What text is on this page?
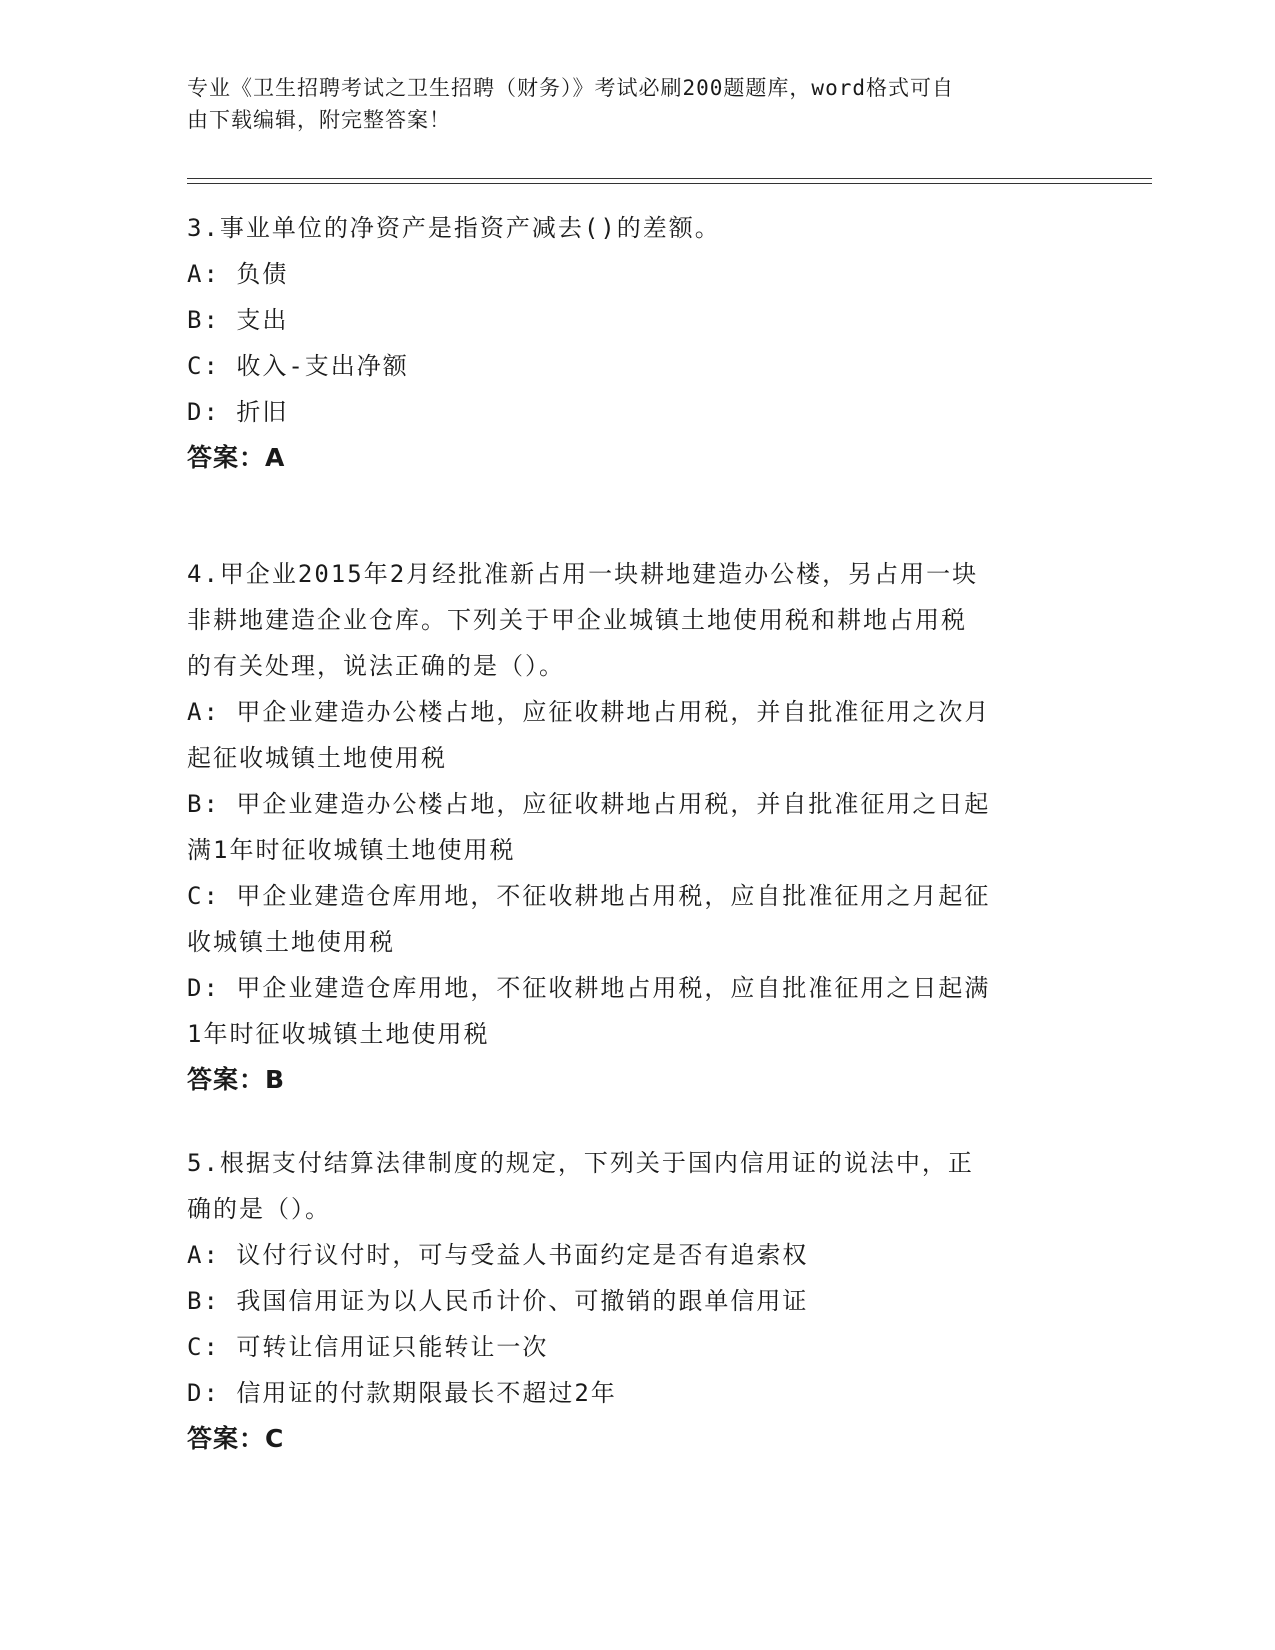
专业《卫生招聘考试之卫生招聘（财务）》考试必刷200题题库，word格式可自
由下载编辑，附完整答案！
3.事业单位的净资产是指资产减去()的差额。
A: 负债
B: 支出
C: 收入-支出净额
D: 折旧
答案：A
4.甲企业2015年2月经批准新占用一块耕地建造办公楼，另占用一块
非耕地建造企业仓库。下列关于甲企业城镇土地使用税和耕地占用税
的有关处理，说法正确的是（）。
A: 甲企业建造办公楼占地，应征收耕地占用税，并自批准征用之次月
起征收城镇土地使用税
B: 甲企业建造办公楼占地，应征收耕地占用税，并自批准征用之日起
满1年时征收城镇土地使用税
C: 甲企业建造仓库用地，不征收耕地占用税，应自批准征用之月起征
收城镇土地使用税
D: 甲企业建造仓库用地，不征收耕地占用税，应自批准征用之日起满
1年时征收城镇土地使用税
答案：B
5.根据支付结算法律制度的规定，下列关于国内信用证的说法中，正
确的是（）。
A: 议付行议付时，可与受益人书面约定是否有追索权
B: 我国信用证为以人民币计价、可撤销的跟单信用证
C: 可转让信用证只能转让一次
D: 信用证的付款期限最长不超过2年
答案：C
